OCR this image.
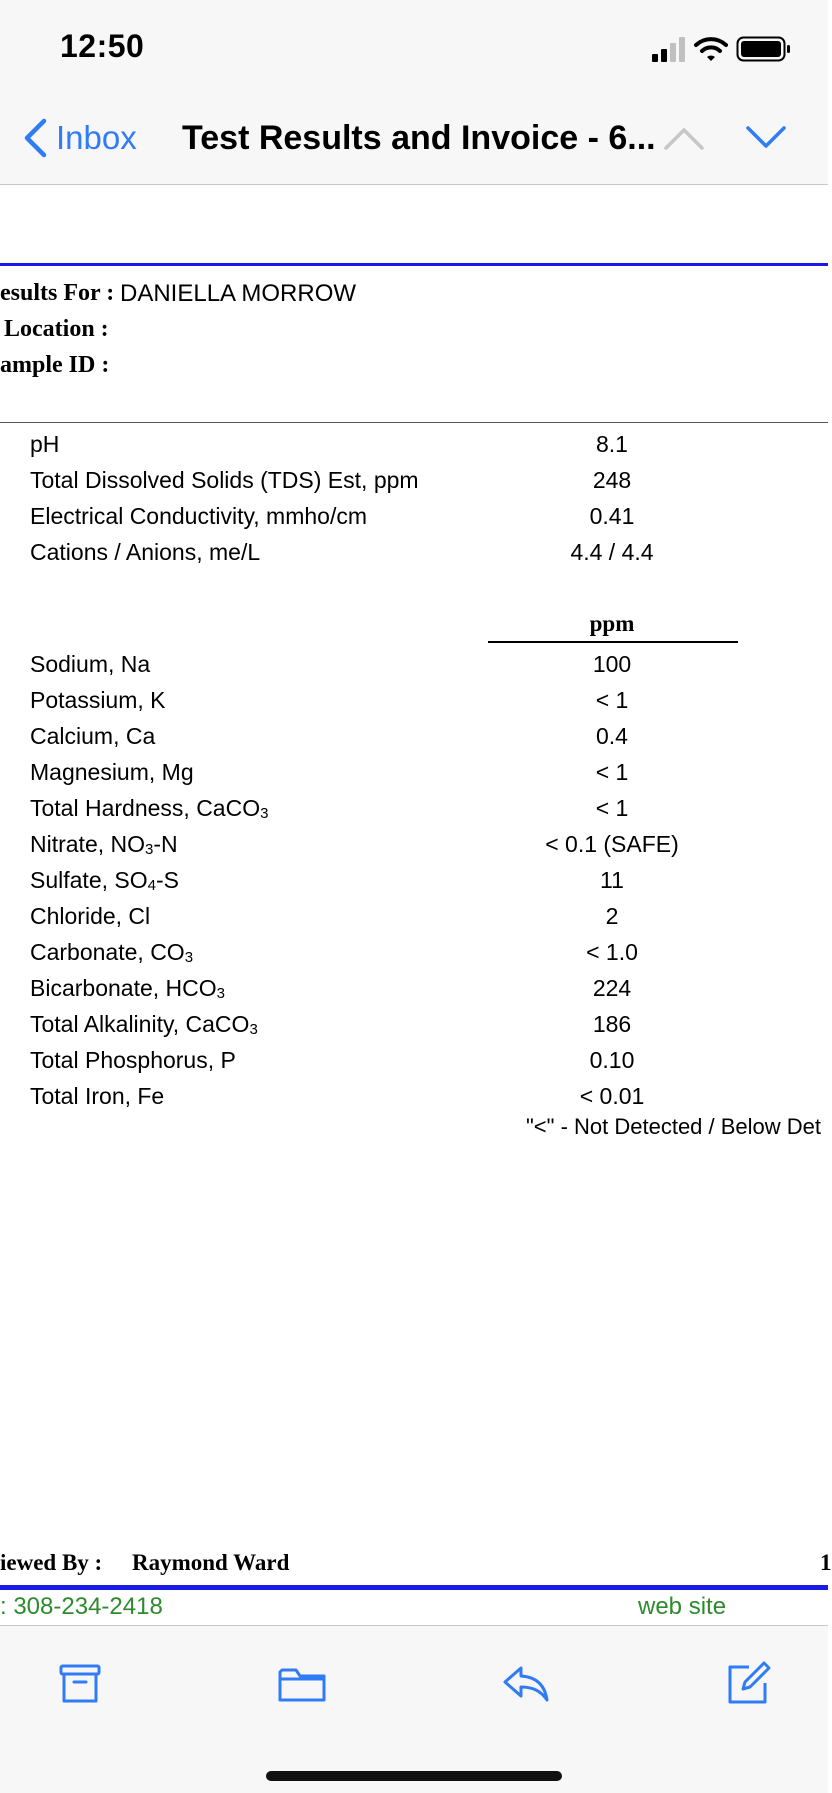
12:50
Inbox Test Results and Invoice - 6...
esults For : DANIELLA MORROW
Location :
ample ID :
pH	8.1
Total Dissolved Solids (TDS) Est, ppm	248
Electrical Conductivity, mmho/cm	0.41
Cations / Anions, me/L	4.4 / 4.4
ppm
Sodium, Na	100
Potassium, K	< 1
Calcium, Ca	0.4
Magnesium, Mg	< 1
Total Hardness, CaCO$_3$	< 1
Nitrate, $NO_3-N$	< 0.1 (SAFE)
Sulfate, $SO_4-S$	11
Chloride, Cl	2
Carbonate, $CO_3$	< 1.0
Bicarbonate, $HCO_3$	224
Total Alkalinity, CaCO$_3$	186
Total Phosphorus, P	0.10
Total Iron, Fe	< 0.01
"<" - Not Detected / Below Det
iewed By : Raymond Ward	1
: 308-234-2418	web site
